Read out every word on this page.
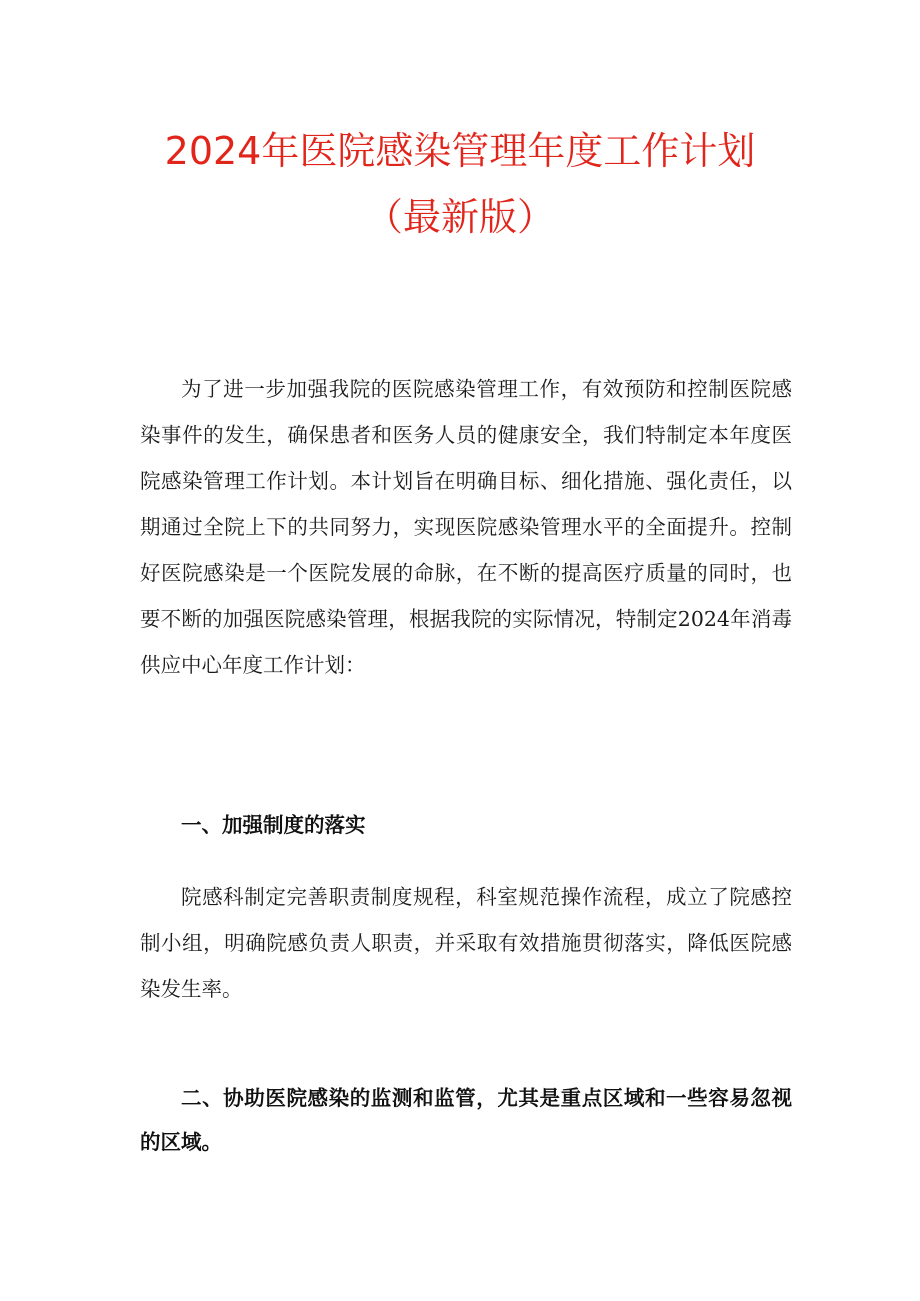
2024年医院感染管理年度工作计划
（最新版）

为了进一步加强我院的医院感染管理工作，有效预防和控制医院感染事件的发生，确保患者和医务人员的健康安全，我们特制定本年度医院感染管理工作计划。本计划旨在明确目标、细化措施、强化责任，以期通过全院上下的共同努力，实现医院感染管理水平的全面提升。控制好医院感染是一个医院发展的命脉，在不断的提高医疗质量的同时，也要不断的加强医院感染管理，根据我院的实际情况，特制定2024年消毒供应中心年度工作计划：

一、加强制度的落实

院感科制定完善职责制度规程，科室规范操作流程，成立了院感控制小组，明确院感负责人职责，并采取有效措施贯彻落实，降低医院感染发生率。

二、协助医院感染的监测和监管，尤其是重点区域和一些容易忽视的区域。
